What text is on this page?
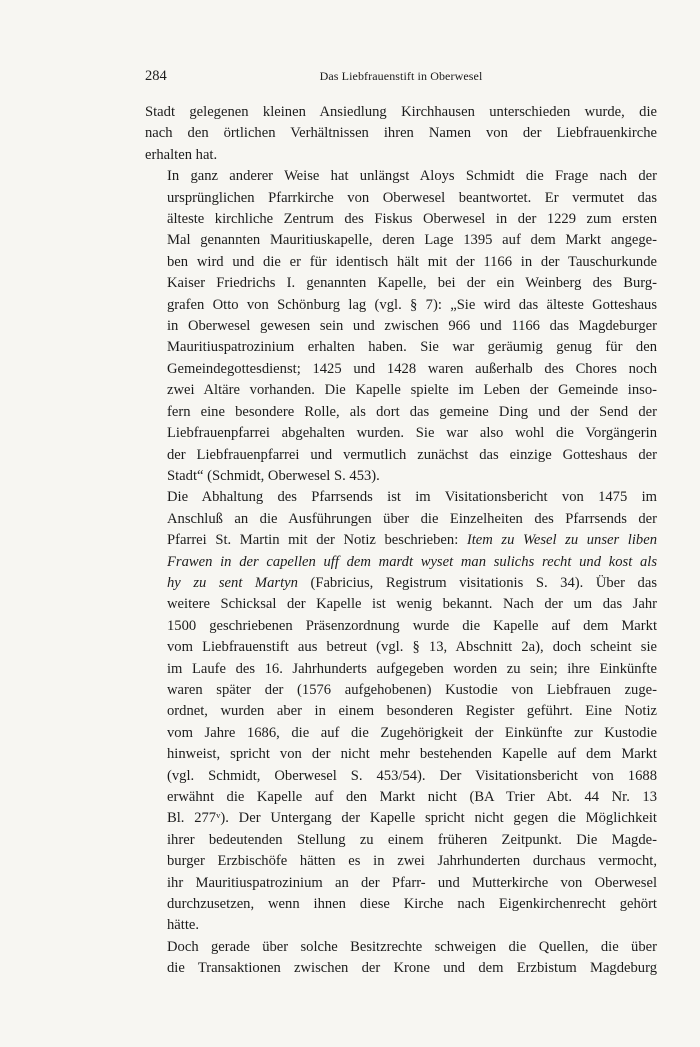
284	Das Liebfrauenstift in Oberwesel

Stadt gelegenen kleinen Ansiedlung Kirchhausen unterschieden wurde, die
nach den örtlichen Verhältnissen ihren Namen von der Liebfrauenkirche
erhalten hat.

In ganz anderer Weise hat unlängst Aloys Schmidt die Frage nach der
ursprünglichen Pfarrkirche von Oberwesel beantwortet. Er vermutet das
älteste kirchliche Zentrum des Fiskus Oberwesel in der 1229 zum ersten
Mal genannten Mauritiuskapelle, deren Lage 1395 auf dem Markt angege-
ben wird und die er für identisch hält mit der 1166 in der Tauschurkunde
Kaiser Friedrichs I. genannten Kapelle, bei der ein Weinberg des Burg-
grafen Otto von Schönburg lag (vgl. § 7): „Sie wird das älteste Gotteshaus
in Oberwesel gewesen sein und zwischen 966 und 1166 das Magdeburger
Mauritiuspatrozinium erhalten haben. Sie war geräumig genug für den
Gemeindegottesdienst; 1425 und 1428 waren außerhalb des Chores noch
zwei Altäre vorhanden. Die Kapelle spielte im Leben der Gemeinde inso-
fern eine besondere Rolle, als dort das gemeine Ding und der Send der
Liebfrauenpfarrei abgehalten wurden. Sie war also wohl die Vorgängerin
der Liebfrauenpfarrei und vermutlich zunächst das einzige Gotteshaus der
Stadt“ (Schmidt, Oberwesel S. 453).

Die Abhaltung des Pfarrsends ist im Visitationsbericht von 1475 im
Anschluß an die Ausführungen über die Einzelheiten des Pfarrsends der
Pfarrei St. Martin mit der Notiz beschrieben: Item zu Wesel zu unser liben
Frawen in der capellen uff dem mardt wyset man sulichs recht und kost als
hy zu sent Martyn (Fabricius, Registrum visitationis S. 34). Über das
weitere Schicksal der Kapelle ist wenig bekannt. Nach der um das Jahr
1500 geschriebenen Präsenzordnung wurde die Kapelle auf dem Markt
vom Liebfrauenstift aus betreut (vgl. § 13, Abschnitt 2a), doch scheint sie
im Laufe des 16. Jahrhunderts aufgegeben worden zu sein; ihre Einkünfte
waren später der (1576 aufgehobenen) Kustodie von Liebfrauen zuge-
ordnet, wurden aber in einem besonderen Register geführt. Eine Notiz
vom Jahre 1686, die auf die Zugehörigkeit der Einkünfte zur Kustodie
hinweist, spricht von der nicht mehr bestehenden Kapelle auf dem Markt
(vgl. Schmidt, Oberwesel S. 453/54). Der Visitationsbericht von 1688
erwähnt die Kapelle auf den Markt nicht (BA Trier Abt. 44 Nr. 13
Bl. 277ᵛ). Der Untergang der Kapelle spricht nicht gegen die Möglichkeit
ihrer bedeutenden Stellung zu einem früheren Zeitpunkt. Die Magde-
burger Erzbischöfe hätten es in zwei Jahrhunderten durchaus vermocht,
ihr Mauritiuspatrozinium an der Pfarr- und Mutterkirche von Oberwesel
durchzusetzen, wenn ihnen diese Kirche nach Eigenkirchenrecht gehört
hätte.

Doch gerade über solche Besitzrechte schweigen die Quellen, die über
die Transaktionen zwischen der Krone und dem Erzbistum Magdeburg
